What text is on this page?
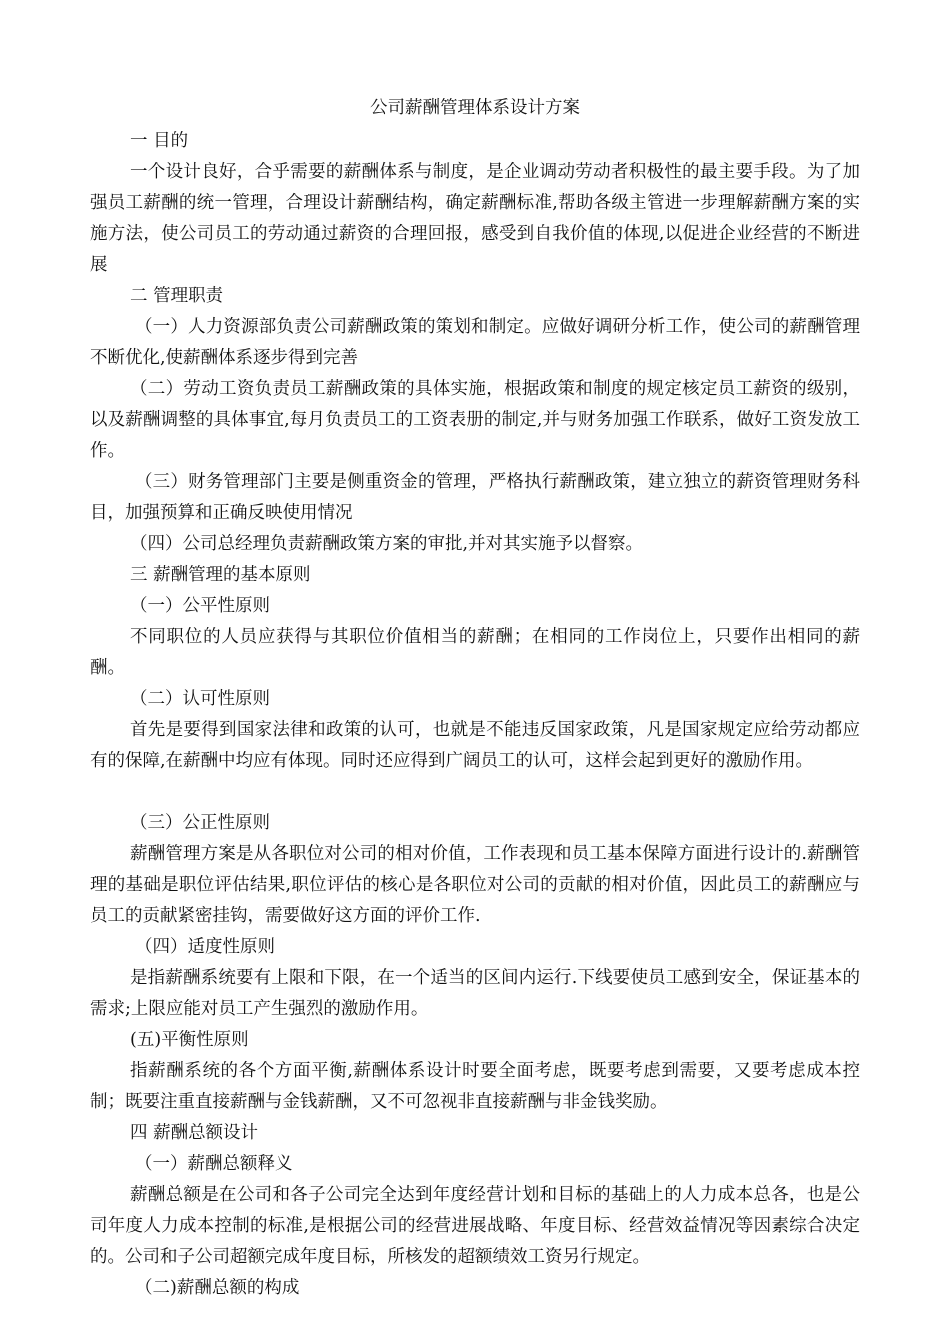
公司薪酬管理体系设计方案
一 目的
一个设计良好，合乎需要的薪酬体系与制度，是企业调动劳动者积极性的最主要手段。为了加强员工薪酬的统一管理，合理设计薪酬结构，确定薪酬标准,帮助各级主管进一步理解薪酬方案的实施方法，使公司员工的劳动通过薪资的合理回报，感受到自我价值的体现,以促进企业经营的不断进展
二 管理职责
（一）人力资源部负责公司薪酬政策的策划和制定。应做好调研分析工作，使公司的薪酬管理不断优化,使薪酬体系逐步得到完善
（二）劳动工资负责员工薪酬政策的具体实施，根据政策和制度的规定核定员工薪资的级别，以及薪酬调整的具体事宜,每月负责员工的工资表册的制定,并与财务加强工作联系，做好工资发放工作。
（三）财务管理部门主要是侧重资金的管理，严格执行薪酬政策，建立独立的薪资管理财务科目，加强预算和正确反映使用情况
（四）公司总经理负责薪酬政策方案的审批,并对其实施予以督察。
三 薪酬管理的基本原则
（一）公平性原则
不同职位的人员应获得与其职位价值相当的薪酬；在相同的工作岗位上，只要作出相同的薪酬。
（二）认可性原则
首先是要得到国家法律和政策的认可，也就是不能违反国家政策，凡是国家规定应给劳动都应有的保障,在薪酬中均应有体现。同时还应得到广阔员工的认可，这样会起到更好的激励作用。
（三）公正性原则
薪酬管理方案是从各职位对公司的相对价值，工作表现和员工基本保障方面进行设计的.薪酬管理的基础是职位评估结果,职位评估的核心是各职位对公司的贡献的相对价值，因此员工的薪酬应与员工的贡献紧密挂钩，需要做好这方面的评价工作.
（四）适度性原则
是指薪酬系统要有上限和下限，在一个适当的区间内运行.下线要使员工感到安全，保证基本的需求;上限应能对员工产生强烈的激励作用。
(五)平衡性原则
指薪酬系统的各个方面平衡,薪酬体系设计时要全面考虑，既要考虑到需要，又要考虑成本控制；既要注重直接薪酬与金钱薪酬，又不可忽视非直接薪酬与非金钱奖励。
四 薪酬总额设计
（一）薪酬总额释义
薪酬总额是在公司和各子公司完全达到年度经营计划和目标的基础上的人力成本总各，也是公司年度人力成本控制的标准,是根据公司的经营进展战略、年度目标、经营效益情况等因素综合决定的。公司和子公司超额完成年度目标，所核发的超额绩效工资另行规定。
（二)薪酬总额的构成
